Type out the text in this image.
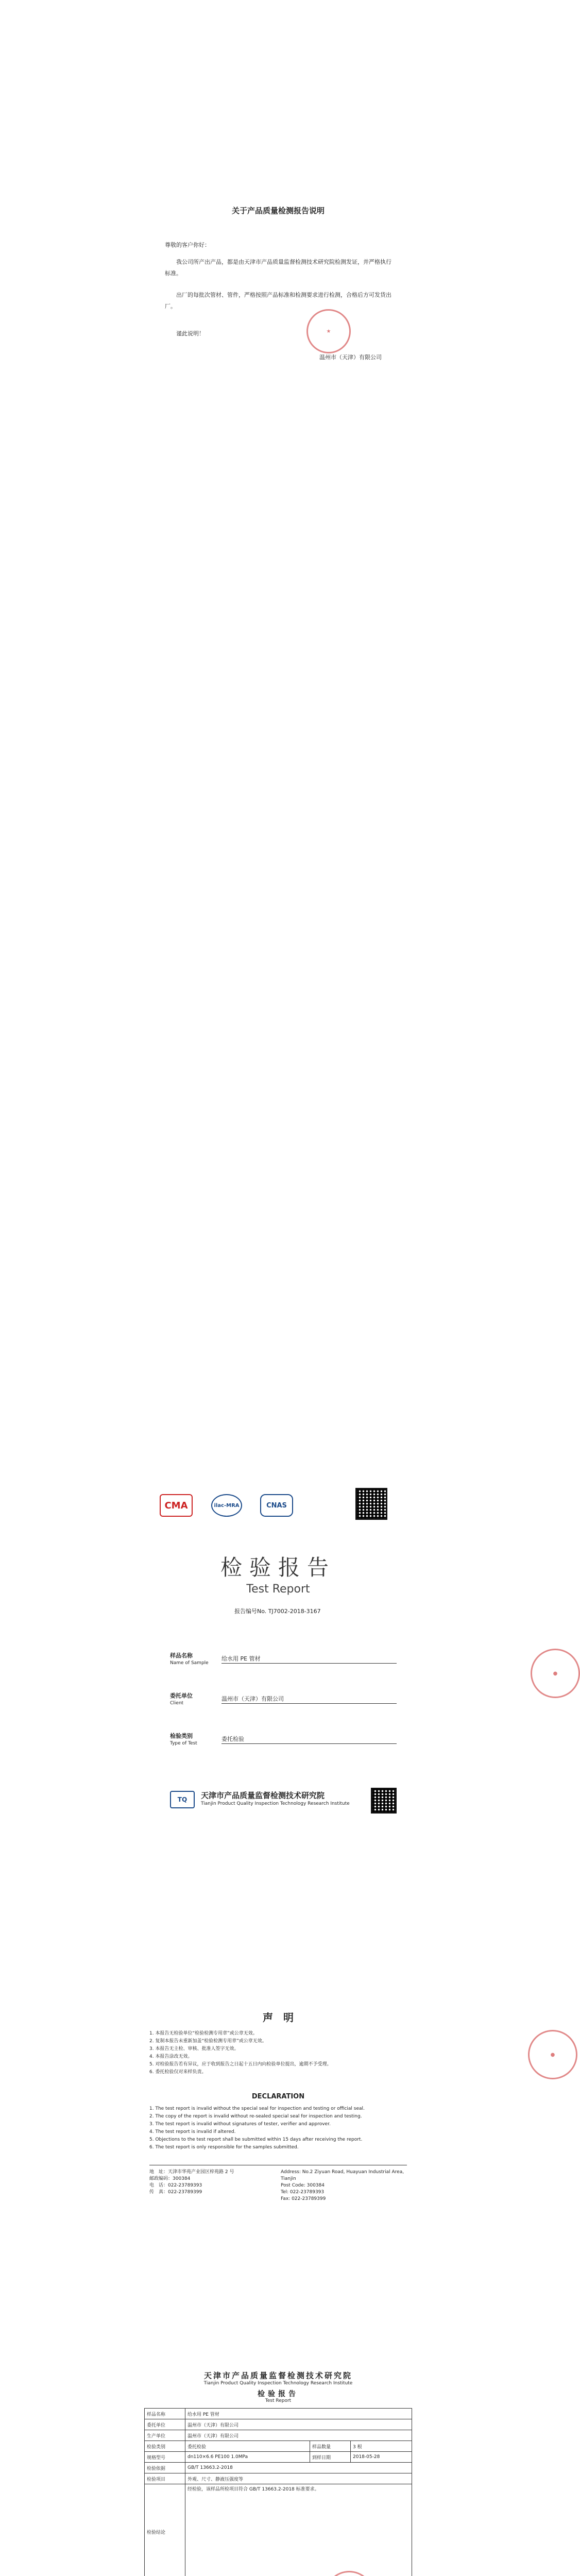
关于产品质量检测报告说明
尊敬的客户你好：
我公司所产出产品，都是由天津市产品质量监督检测技术研究院检测发证，并严格执行标准。
出厂的每批次管材、管件，严格按照产品标准和检测要求进行检测，合格后方可发货出厂。
谨此说明！	★
温州市（天津）有限公司
CMA	ilac-MRA	CNAS
检验报告
Test Report
报告编号No. TJ7002-2018-3167
样品名称
Name of Sample
给水用 PE 管材
委托单位
Client
温州市（天津）有限公司
检验类别
Type of Test
委托检验
TQ	天津市产品质量监督检测技术研究院
Tianjin Product Quality Inspection Technology Research Institute
●
声　明
1. 本报告无检验单位“检验检测专用章”或公章无效。
2. 复制本报告未重新加盖“检验检测专用章”或公章无效。
3. 本报告无主检、审核、批准人签字无效。
4. 本报告涂改无效。
5. 对检验报告若有异议，应于收到报告之日起十五日内向检验单位提出，逾期不予受理。
6. 委托检验仅对来样负责。
DECLARATION
1. The test report is invalid without the special seal for inspection and testing or official seal.
2. The copy of the report is invalid without re-sealed special seal for inspection and testing.
3. The test report is invalid without signatures of tester, verifier and approver.
4. The test report is invalid if altered.
5. Objections to the test report shall be submitted within 15 days after receiving the report.
6. The test report is only responsible for the samples submitted.
地　址：天津市华苑产业园区梓苑路 2 号
邮政编码：300384
电　话：022-23789393
传　真：022-23789399
Address: No.2 Ziyuan Road, Huayuan Industrial Area, Tianjin
Post Code: 300384
Tel: 022-23789393
Fax: 022-23789399
●
天津市产品质量监督检测技术研究院
Tianjin Product Quality Inspection Technology Research Institute
检验报告
Test Report
样品名称	给水用 PE 管材		
委托单位	温州市（天津）有限公司		
生产单位	温州市（天津）有限公司		
检验类别	委托检验	样品数量	3 根
规格型号	dn110×6.6 PE100 1.0MPa	到样日期	2018-05-28
检验依据	GB/T 13663.2-2018		
检验项目	外观、尺寸、静液压强度等		
检验结论	经检验，该样品所检项目符合 GB/T 13663.2-2018 标准要求。		
